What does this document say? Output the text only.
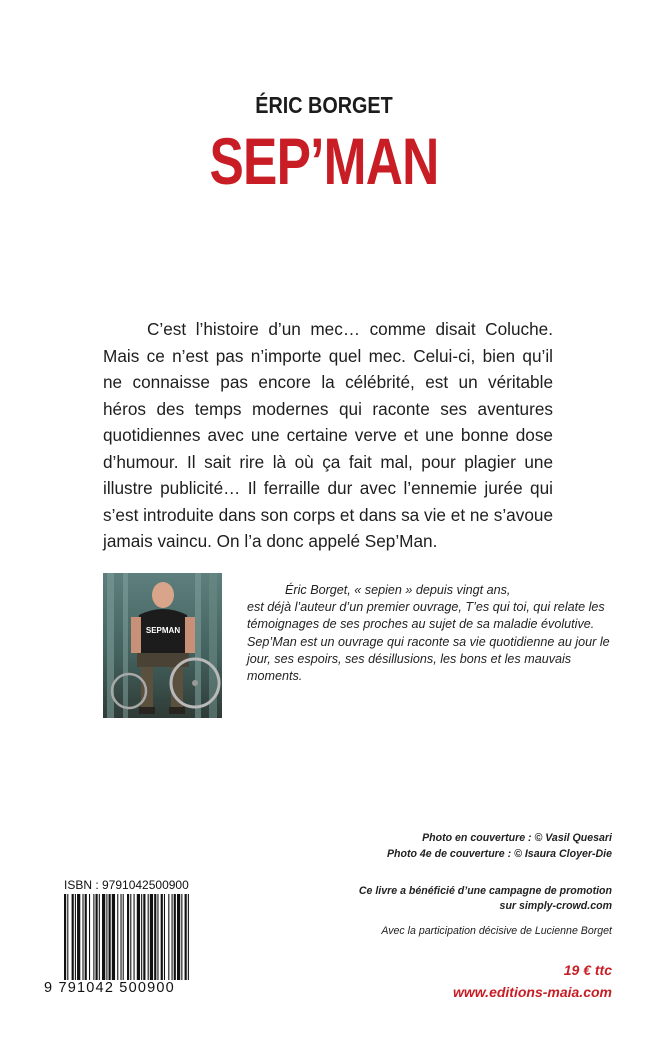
ÉRIC BORGET
SEP’MAN

C’est l’histoire d’un mec… comme disait Coluche. Mais ce n’est pas n’importe quel mec. Celui-ci, bien qu’il ne connaisse pas encore la célébrité, est un véritable héros des temps modernes qui raconte ses aventures quotidiennes avec une certaine verve et une bonne dose d’humour. Il sait rire là où ça fait mal, pour plagier une illustre publicité… Il ferraille dur avec l’ennemie jurée qui s’est introduite dans son corps et dans sa vie et ne s’avoue jamais vaincu. On l’a donc appelé Sep’Man.

SEPMAN

Éric Borget, « sepien » depuis vingt ans,
est déjà l’auteur d’un premier ouvrage, T’es qui toi, qui relate les témoignages de ses proches au sujet de sa maladie évolutive. Sep’Man est un ouvrage qui raconte sa vie quotidienne au jour le jour, ses espoirs, ses désillusions, les bons et les mauvais moments.

Photo en couverture : © Vasil Quesari
Photo 4e de couverture : © Isaura Cloyer-Die
ISBN : 9791042500900
9 791042 500900
Ce livre a bénéficié d’une campagne de promotion
sur simply-crowd.com
Avec la participation décisive de Lucienne Borget
19 € ttc
www.editions-maia.com
